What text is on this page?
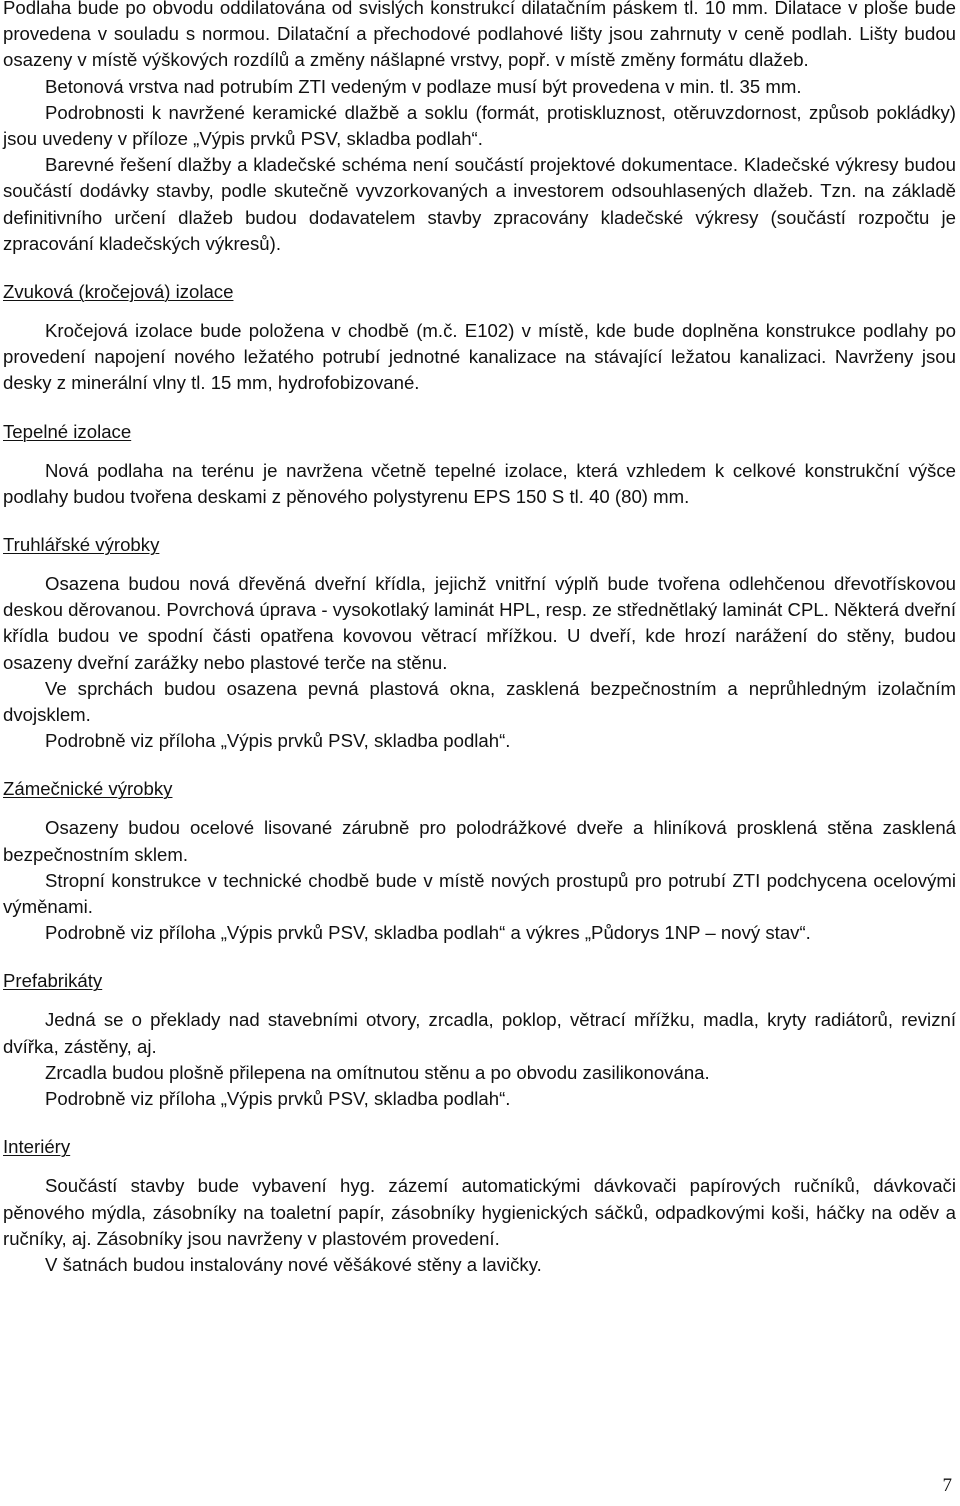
Podlaha bude po obvodu oddilatována od svislých konstrukcí dilatačním páskem tl. 10 mm. Dilatace v ploše bude provedena v souladu s normou. Dilatační a přechodové podlahové lišty jsou zahrnuty v ceně podlah. Lišty budou osazeny v místě výškových rozdílů a změny nášlapné vrstvy, popř. v místě změny formátu dlažeb.

Betonová vrstva nad potrubím ZTI vedeným v podlaze musí být provedena v min. tl. 35 mm.

Podrobnosti k navržené keramické dlažbě a soklu (formát, protiskluznost, otěruvzdornost, způsob pokládky) jsou uvedeny v příloze „Výpis prvků PSV, skladba podlah“.

Barevné řešení dlažby a kladečské schéma není součástí projektové dokumentace. Kladečské výkresy budou součástí dodávky stavby, podle skutečně vyvzorkovaných a investorem odsouhlasených dlažeb. Tzn. na základě definitivního určení dlažeb budou dodavatelem stavby zpracovány kladečské výkresy (součástí rozpočtu je zpracování kladečských výkresů).

Zvuková (kročejová) izolace

Kročejová izolace bude položena v chodbě (m.č. E102) v místě, kde bude doplněna konstrukce podlahy po provedení napojení nového ležatého potrubí jednotné kanalizace na stávající ležatou kanalizaci. Navrženy jsou desky z minerální vlny tl. 15 mm, hydrofobizované.

Tepelné izolace

Nová podlaha na terénu je navržena včetně tepelné izolace, která vzhledem k celkové konstrukční výšce podlahy budou tvořena deskami z pěnového polystyrenu EPS 150 S tl. 40 (80) mm.

Truhlářské výrobky

Osazena budou nová dřevěná dveřní křídla, jejichž vnitřní výplň bude tvořena odlehčenou dřevotřískovou deskou děrovanou. Povrchová úprava - vysokotlaký laminát HPL, resp. ze střednětlaký laminát CPL. Některá dveřní křídla budou ve spodní části opatřena kovovou větrací mřížkou. U dveří, kde hrozí narážení do stěny, budou osazeny dveřní zarážky nebo plastové terče na stěnu.

Ve sprchách budou osazena pevná plastová okna, zasklená bezpečnostním a neprůhledným izolačním dvojsklem.

Podrobně viz příloha „Výpis prvků PSV, skladba podlah“.

Zámečnické výrobky

Osazeny budou ocelové lisované zárubně pro polodrážkové dveře a hliníková prosklená stěna zasklená bezpečnostním sklem.

Stropní konstrukce v technické chodbě bude v místě nových prostupů pro potrubí ZTI podchycena ocelovými výměnami.

Podrobně viz příloha „Výpis prvků PSV, skladba podlah“ a výkres „Půdorys 1NP – nový stav“.

Prefabrikáty

Jedná se o překlady nad stavebními otvory, zrcadla, poklop, větrací mřížku, madla, kryty radiátorů, revizní dvířka, zástěny, aj.

Zrcadla budou plošně přilepena na omítnutou stěnu a po obvodu zasilikonována.

Podrobně viz příloha „Výpis prvků PSV, skladba podlah“.

Interiéry

Součástí stavby bude vybavení hyg. zázemí automatickými dávkovači papírových ručníků, dávkovači pěnového mýdla, zásobníky na toaletní papír, zásobníky hygienických sáčků, odpadkovými koši, háčky na oděv a ručníky, aj. Zásobníky jsou navrženy v plastovém provedení.

V šatnách budou instalovány nové věšákové stěny a lavičky.

7
